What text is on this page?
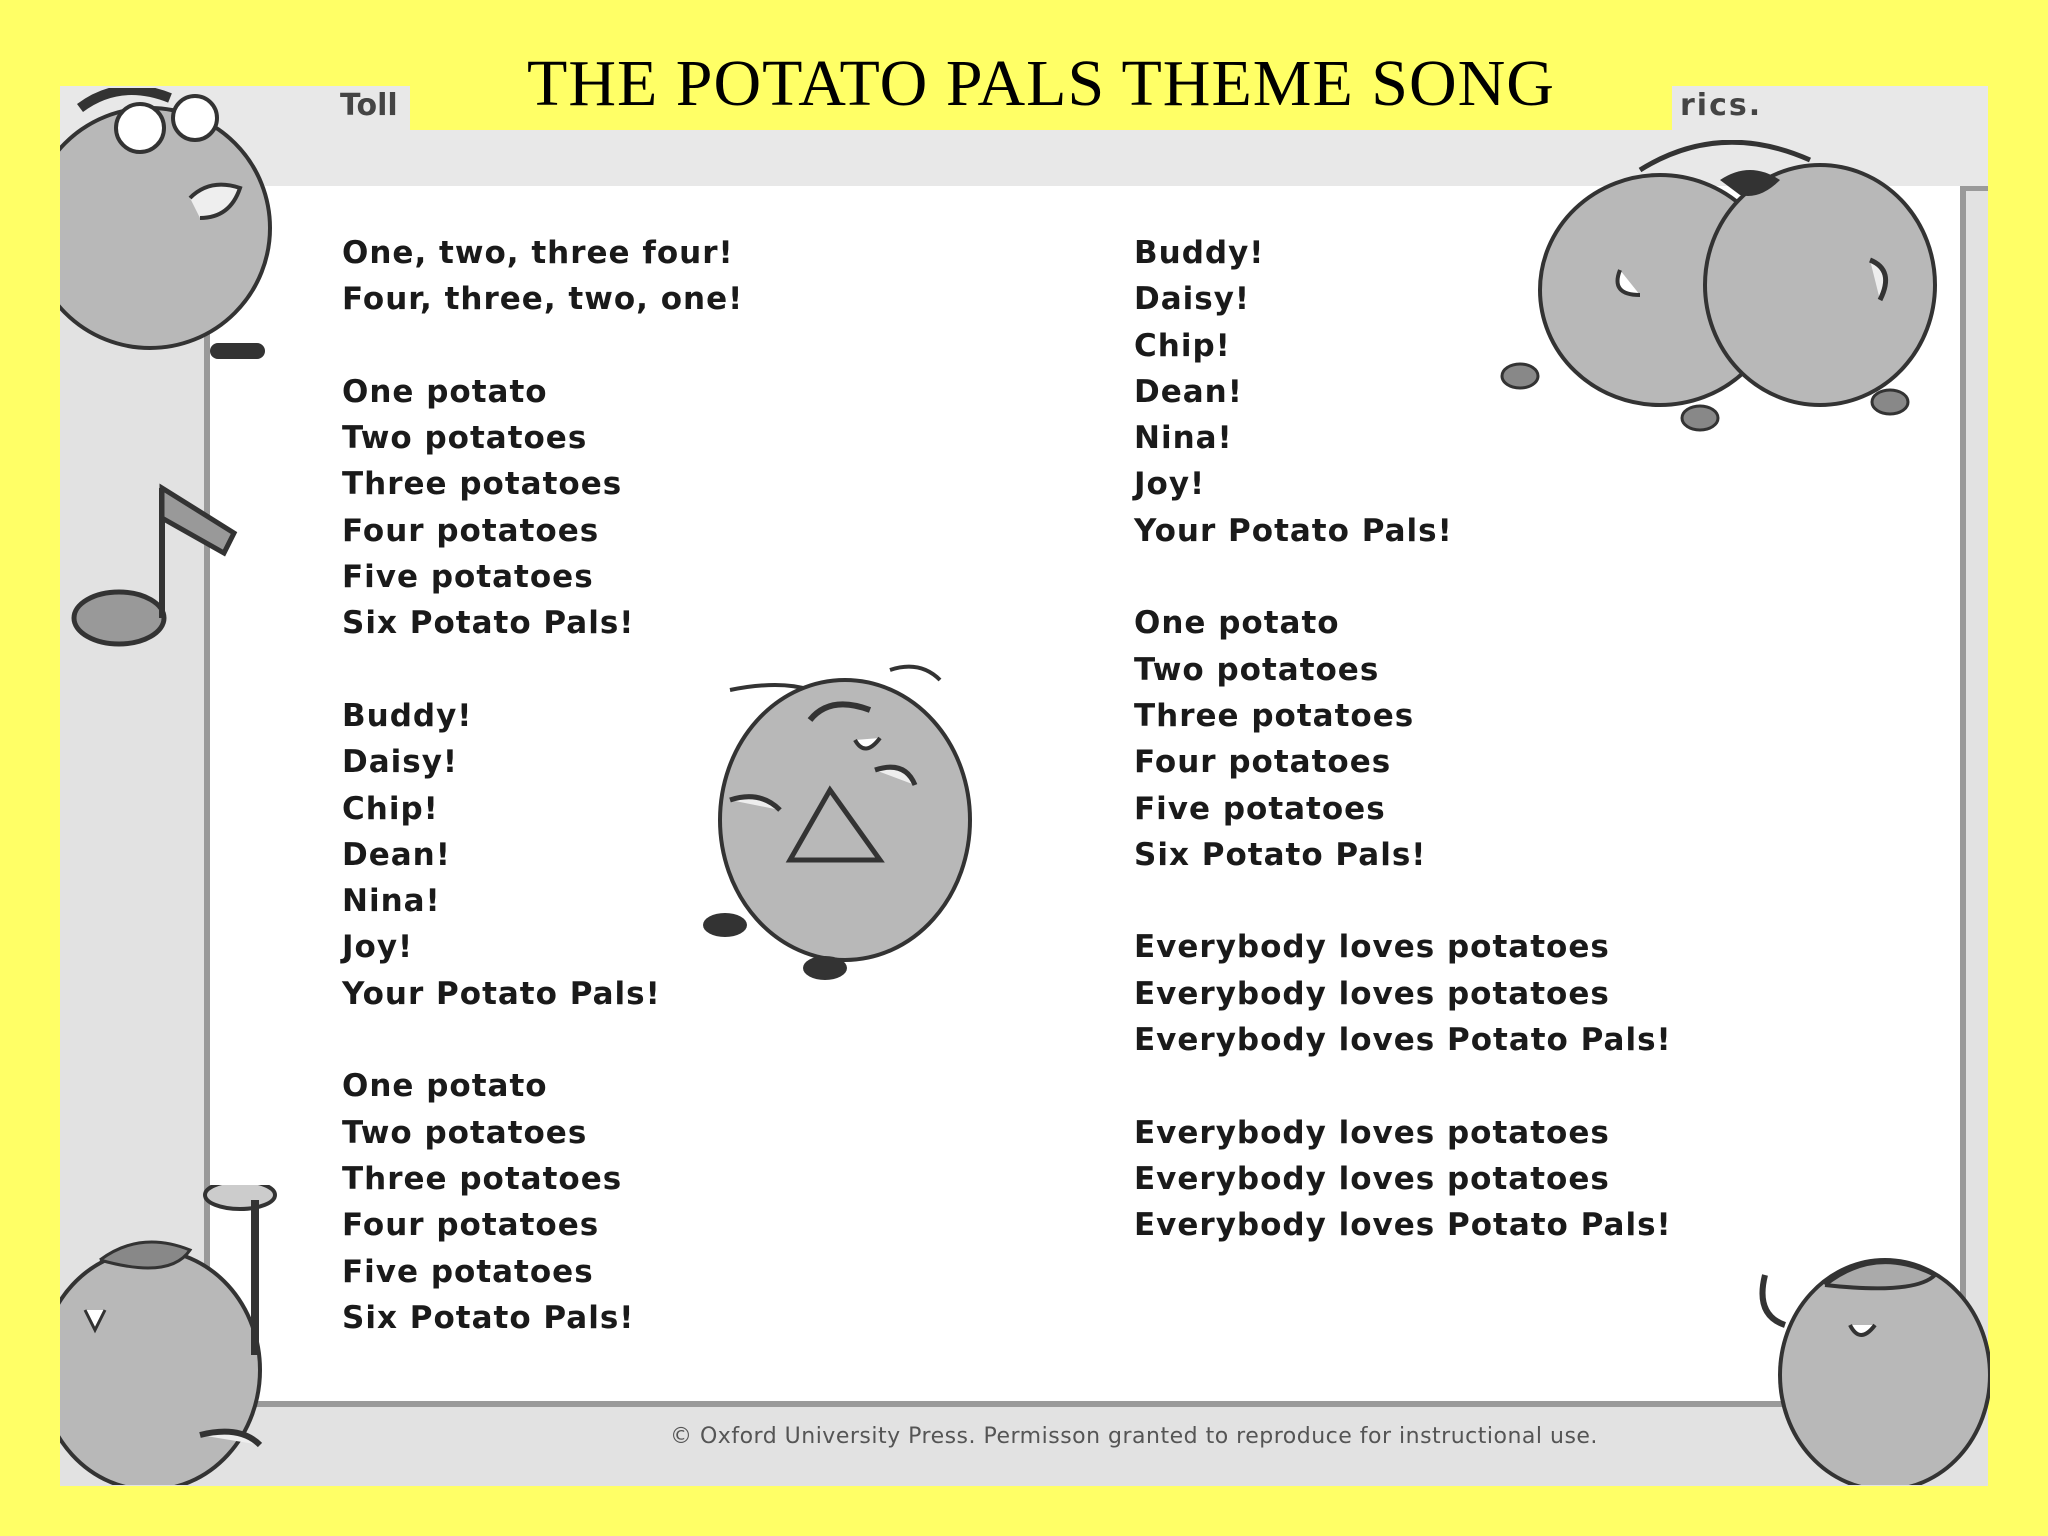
Toll	rics.
THE POTATO PALS THEME SONG
One, two, three four!
Four, three, two, one!
One potato
Two potatoes
Three potatoes
Four potatoes
Five potatoes
Six Potato Pals!
Buddy!
Daisy!
Chip!
Dean!
Nina!
Joy!
Your Potato Pals!
One potato
Two potatoes
Three potatoes
Four potatoes
Five potatoes
Six Potato Pals!
Buddy!
Daisy!
Chip!
Dean!
Nina!
Joy!
Your Potato Pals!
One potato
Two potatoes
Three potatoes
Four potatoes
Five potatoes
Six Potato Pals!
Everybody loves potatoes
Everybody loves potatoes
Everybody loves Potato Pals!
Everybody loves potatoes
Everybody loves potatoes
Everybody loves Potato Pals!
© Oxford University Press. Permisson granted to reproduce for instructional use.
